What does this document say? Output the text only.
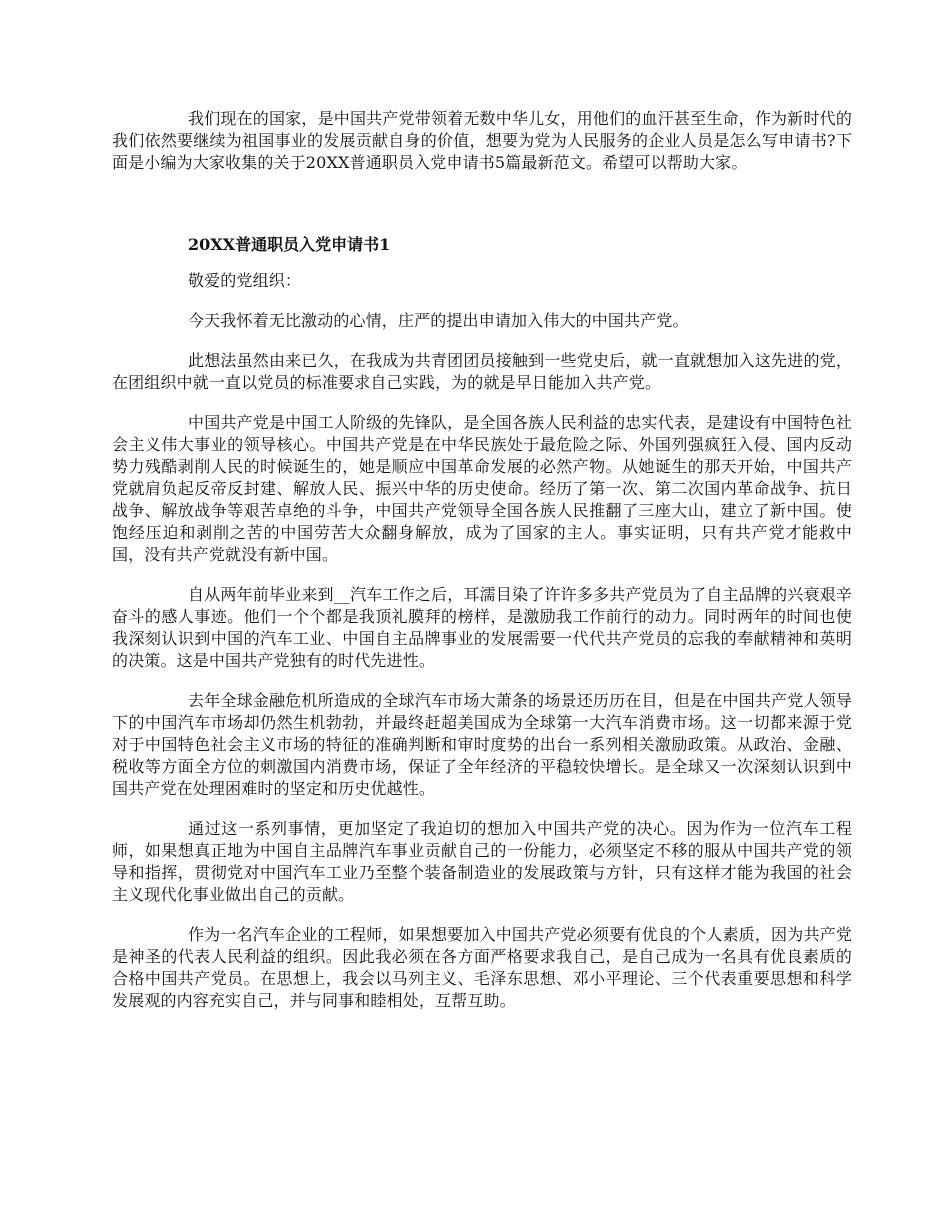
我们现在的国家，是中国共产党带领着无数中华儿女，用他们的血汗甚至生命，作为新时代的我们依然要继续为祖国事业的发展贡献自身的价值，想要为党为人民服务的企业人员是怎么写申请书?下面是小编为大家收集的关于20XX普通职员入党申请书5篇最新范文。希望可以帮助大家。

20XX普通职员入党申请书1

敬爱的党组织：

今天我怀着无比激动的心情，庄严的提出申请加入伟大的中国共产党。

此想法虽然由来已久，在我成为共青团团员接触到一些党史后，就一直就想加入这先进的党，在团组织中就一直以党员的标准要求自己实践，为的就是早日能加入共产党。

中国共产党是中国工人阶级的先锋队，是全国各族人民利益的忠实代表，是建设有中国特色社会主义伟大事业的领导核心。中国共产党是在中华民族处于最危险之际、外国列强疯狂入侵、国内反动势力残酷剥削人民的时候诞生的，她是顺应中国革命发展的必然产物。从她诞生的那天开始，中国共产党就肩负起反帝反封建、解放人民、振兴中华的历史使命。经历了第一次、第二次国内革命战争、抗日战争、解放战争等艰苦卓绝的斗争，中国共产党领导全国各族人民推翻了三座大山，建立了新中国。使饱经压迫和剥削之苦的中国劳苦大众翻身解放，成为了国家的主人。事实证明，只有共产党才能救中国，没有共产党就没有新中国。

自从两年前毕业来到__汽车工作之后，耳濡目染了许许多多共产党员为了自主品牌的兴衰艰辛奋斗的感人事迹。他们一个个都是我顶礼膜拜的榜样，是激励我工作前行的动力。同时两年的时间也使我深刻认识到中国的汽车工业、中国自主品牌事业的发展需要一代代共产党员的忘我的奉献精神和英明的决策。这是中国共产党独有的时代先进性。

去年全球金融危机所造成的全球汽车市场大萧条的场景还历历在目，但是在中国共产党人领导下的中国汽车市场却仍然生机勃勃，并最终赶超美国成为全球第一大汽车消费市场。这一切都来源于党对于中国特色社会主义市场的特征的准确判断和审时度势的出台一系列相关激励政策。从政治、金融、税收等方面全方位的刺激国内消费市场，保证了全年经济的平稳较快增长。是全球又一次深刻认识到中国共产党在处理困难时的坚定和历史优越性。

通过这一系列事情，更加坚定了我迫切的想加入中国共产党的决心。因为作为一位汽车工程师，如果想真正地为中国自主品牌汽车事业贡献自己的一份能力，必须坚定不移的服从中国共产党的领导和指挥，贯彻党对中国汽车工业乃至整个装备制造业的发展政策与方针，只有这样才能为我国的社会主义现代化事业做出自己的贡献。

作为一名汽车企业的工程师，如果想要加入中国共产党必须要有优良的个人素质，因为共产党是神圣的代表人民利益的组织。因此我必须在各方面严格要求我自己，是自己成为一名具有优良素质的合格中国共产党员。在思想上，我会以马列主义、毛泽东思想、邓小平理论、三个代表重要思想和科学发展观的内容充实自己，并与同事和睦相处，互帮互助。
